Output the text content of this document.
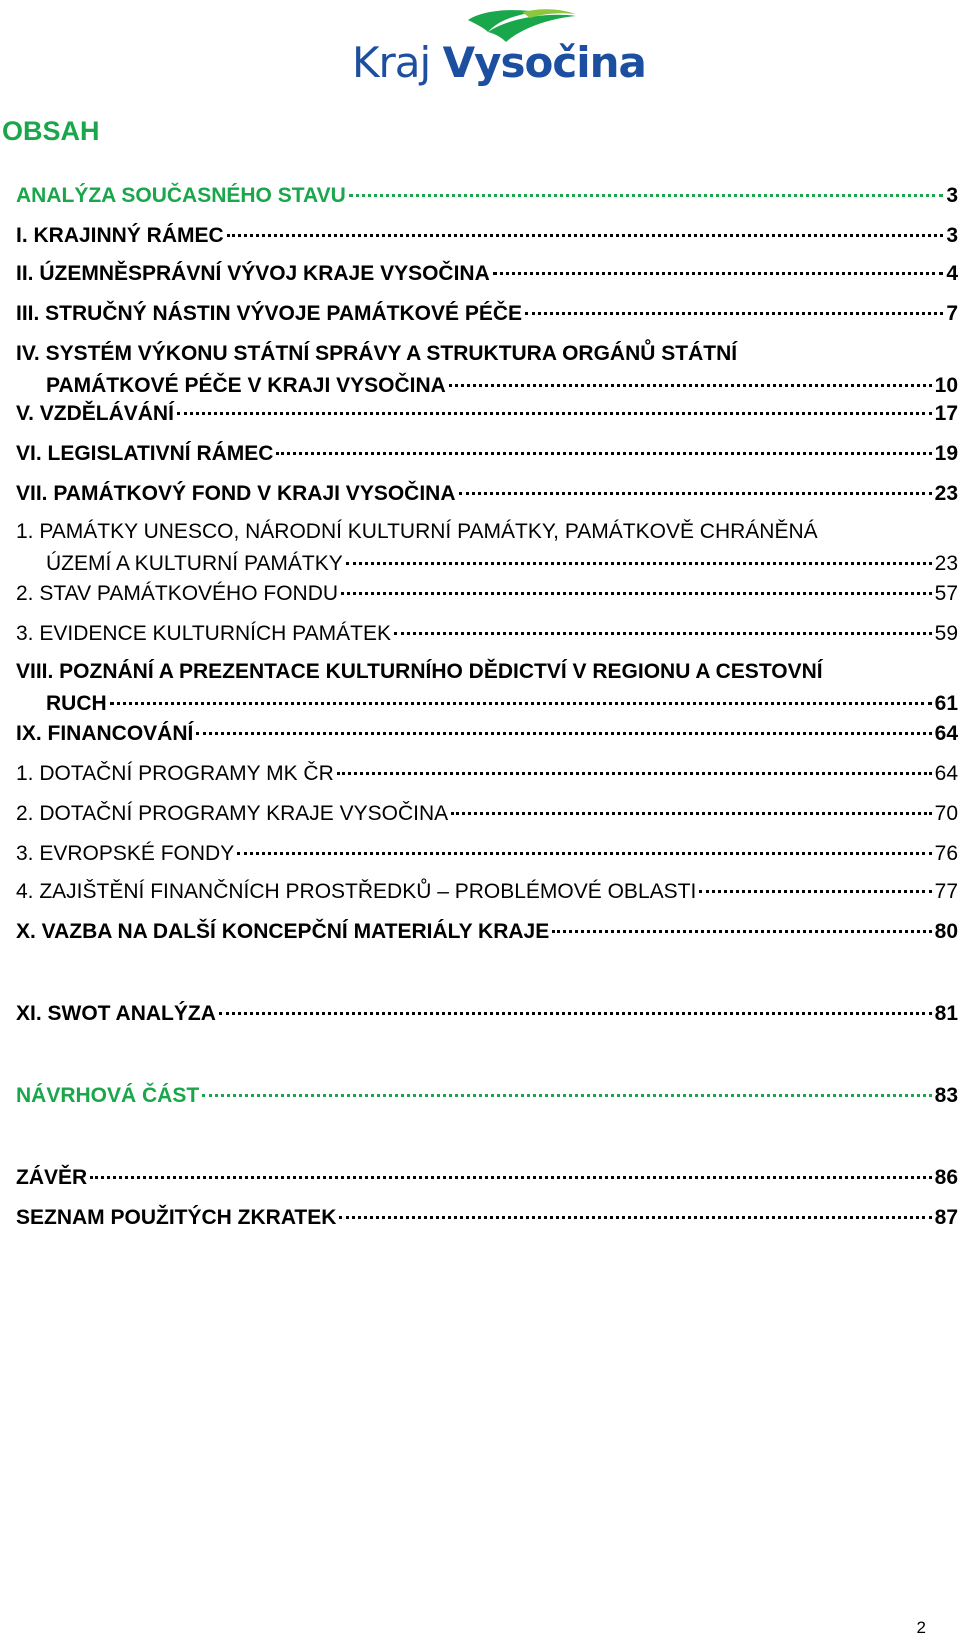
Kraj Vysočina
OBSAH
ANALÝZA SOUČASNÉHO STAVU	3
I. KRAJINNÝ RÁMEC	3
II. ÚZEMNĚSPRÁVNÍ VÝVOJ KRAJE VYSOČINA	4
III. STRUČNÝ NÁSTIN VÝVOJE PAMÁTKOVÉ PÉČE	7
IV. SYSTÉM VÝKONU STÁTNÍ SPRÁVY A STRUKTURA ORGÁNŮ STÁTNÍ
PAMÁTKOVÉ PÉČE V KRAJI VYSOČINA	10
V. VZDĚLÁVÁNÍ	17
VI. LEGISLATIVNÍ RÁMEC	19
VII. PAMÁTKOVÝ FOND V KRAJI VYSOČINA	23
1. PAMÁTKY UNESCO, NÁRODNÍ KULTURNÍ PAMÁTKY, PAMÁTKOVĚ CHRÁNĚNÁ
ÚZEMÍ A KULTURNÍ PAMÁTKY	23
2. STAV PAMÁTKOVÉHO FONDU	57
3. EVIDENCE KULTURNÍCH PAMÁTEK	59
VIII. POZNÁNÍ A PREZENTACE KULTURNÍHO DĚDICTVÍ V REGIONU A CESTOVNÍ
RUCH	61
IX. FINANCOVÁNÍ	64
1. DOTAČNÍ PROGRAMY MK ČR	64
2. DOTAČNÍ PROGRAMY KRAJE VYSOČINA	70
3. EVROPSKÉ FONDY	76
4. ZAJIŠTĚNÍ FINANČNÍCH PROSTŘEDKŮ – PROBLÉMOVÉ OBLASTI	77
X. VAZBA NA DALŠÍ KONCEPČNÍ MATERIÁLY KRAJE	80
XI. SWOT ANALÝZA	81
NÁVRHOVÁ ČÁST	83
ZÁVĚR	86
SEZNAM POUŽITÝCH ZKRATEK	87
2
